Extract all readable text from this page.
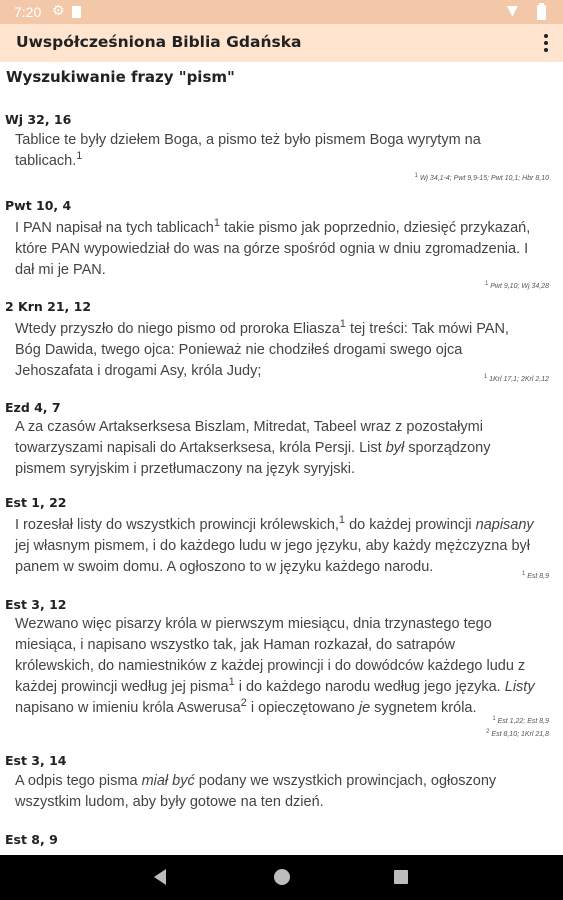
7:20 ⚙	▼
Uwspółcześniona Biblia Gdańska
Wyszukiwanie frazy "pism"
Wj 32, 16
Tablice te były dziełem Boga, a pismo też było pismem Boga wyrytym na tablicach.$^1$
$^1$ Wj 34,1-4; Pwt 9,9-15; Pwt 10,1; Hbr 8,10
Pwt 10, 4
I PAN napisał na tych tablicach$^1$ takie pismo jak poprzednio, dziesięć przykazań, które PAN wypowiedział do was na górze spośród ognia w dniu zgromadzenia. I dał mi je PAN.
$^1$ Pwt 9,10; Wj 34,28
2 Krn 21, 12
Wtedy przyszło do niego pismo od proroka Eliasza$^1$ tej treści: Tak mówi PAN, Bóg Dawida, twego ojca: Ponieważ nie chodziłeś drogami swego ojca Jehoszafata i drogami Asy, króla Judy;	$^1$ 1Krl 17,1; 2Krl 2,12
Ezd 4, 7
A za czasów Artakserksesa Biszlam, Mitredat, Tabeel wraz z pozostałymi towarzyszami napisali do Artakserksesa, króla Persji. List był sporządzony pismem syryjskim i przetłumaczony na język syryjski.
Est 1, 22
I rozesłał listy do wszystkich prowincji królewskich,$^1$ do każdej prowincji napisany jej własnym pismem, i do każdego ludu w jego języku, aby każdy mężczyzna był panem w swoim domu. A ogłoszono to w języku każdego narodu.	$^1$ Est 8,9
Est 3, 12
Wezwano więc pisarzy króla w pierwszym miesiącu, dnia trzynastego tego miesiąca, i napisano wszystko tak, jak Haman rozkazał, do satrapów królewskich, do namiestników z każdej prowincji i do dowódców każdego ludu z każdej prowincji według jej pisma$^1$ i do każdego narodu według jego języka. Listy napisano w imieniu króla Aswerusa$^2$ i opieczętowano je sygnetem króla.
$^1$ Est 1,22; Est 8,9
$^2$ Est 8,10; 1Krl 21,8
Est 3, 14
A odpis tego pisma miał być podany we wszystkich prowincjach, ogłoszony wszystkim ludom, aby były gotowe na ten dzień.
Est 8, 9
